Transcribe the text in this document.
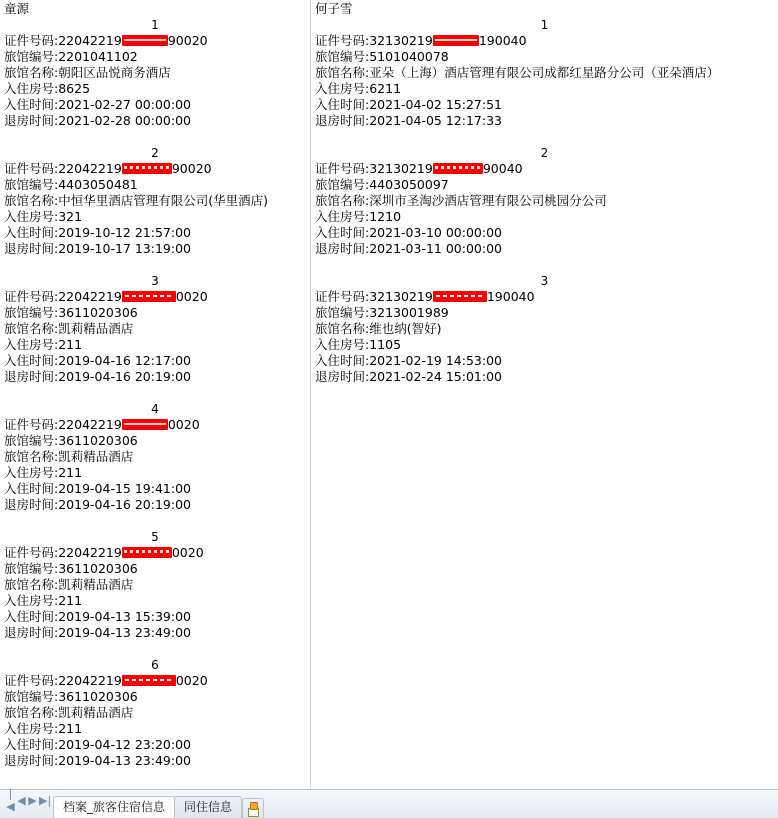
童源
1
证件号码:22042219	90020
旅馆编号:2201041102
旅馆名称:朝阳区品悦商务酒店
入住房号:8625
入住时间:2021-02-27 00:00:00
退房时间:2021-02-28 00:00:00
2
证件号码:22042219	90020
旅馆编号:4403050481
旅馆名称:中恒华里酒店管理有限公司(华里酒店)
入住房号:321
入住时间:2019-10-12 21:57:00
退房时间:2019-10-17 13:19:00
3
证件号码:22042219	0020
旅馆编号:3611020306
旅馆名称:凯莉精品酒店
入住房号:211
入住时间:2019-04-16 12:17:00
退房时间:2019-04-16 20:19:00
4
证件号码:22042219	0020
旅馆编号:3611020306
旅馆名称:凯莉精品酒店
入住房号:211
入住时间:2019-04-15 19:41:00
退房时间:2019-04-16 20:19:00
5
证件号码:22042219	0020
旅馆编号:3611020306
旅馆名称:凯莉精品酒店
入住房号:211
入住时间:2019-04-13 15:39:00
退房时间:2019-04-13 23:49:00
6
证件号码:22042219	0020
旅馆编号:3611020306
旅馆名称:凯莉精品酒店
入住房号:211
入住时间:2019-04-12 23:20:00
退房时间:2019-04-13 23:49:00
何子雪
1
证件号码:32130219	190040
旅馆编号:5101040078
旅馆名称:亚朵（上海）酒店管理有限公司成都红星路分公司（亚朵酒店）
入住房号:6211
入住时间:2021-04-02 15:27:51
退房时间:2021-04-05 12:17:33
2
证件号码:32130219	90040
旅馆编号:4403050097
旅馆名称:深圳市圣淘沙酒店管理有限公司桃园分公司
入住房号:1210
入住时间:2021-03-10 00:00:00
退房时间:2021-03-11 00:00:00
3
证件号码:32130219	190040
旅馆编号:3213001989
旅馆名称:维也纳(智好)
入住房号:1105
入住时间:2021-02-19 14:53:00
退房时间:2021-02-24 15:01:00
|◀ ◀ ▶ ▶| 档案_旅客住宿信息	同住信息
